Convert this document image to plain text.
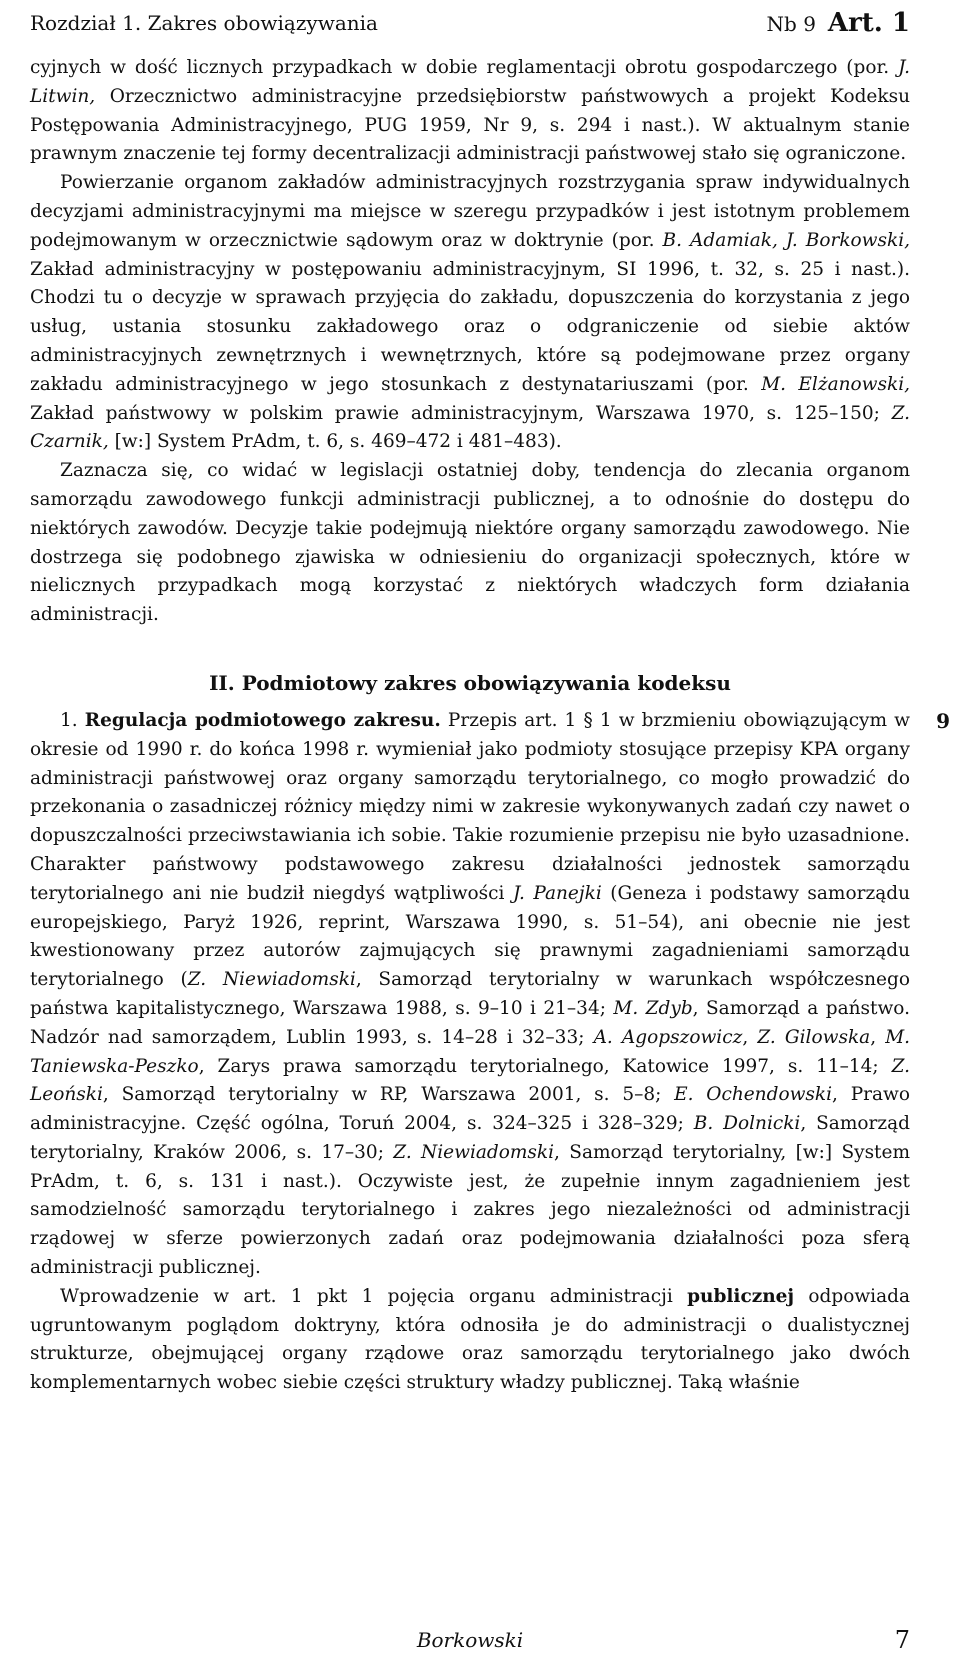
Rozdział 1. Zakres obowiązywania	Nb 9 Art. 1

cyjnych w dość licznych przypadkach w dobie reglamentacji obrotu gospodarczego (por. J. Litwin, Orzecznictwo administracyjne przedsiębiorstw państwowych a projekt Kodeksu Postępowania Administracyjnego, PUG 1959, Nr 9, s. 294 i nast.). W aktualnym stanie prawnym znaczenie tej formy decentralizacji administracji państwowej stało się ograniczone.

Powierzanie organom zakładów administracyjnych rozstrzygania spraw indywidualnych decyzjami administracyjnymi ma miejsce w szeregu przypadków i jest istotnym problemem podejmowanym w orzecznictwie sądowym oraz w doktrynie (por. B. Adamiak, J. Borkowski, Zakład administracyjny w postępowaniu administracyjnym, SI 1996, t. 32, s. 25 i nast.). Chodzi tu o decyzje w sprawach przyjęcia do zakładu, dopuszczenia do korzystania z jego usług, ustania stosunku zakładowego oraz o odgraniczenie od siebie aktów administracyjnych zewnętrznych i wewnętrznych, które są podejmowane przez organy zakładu administracyjnego w jego stosunkach z destynatariuszami (por. M. Elżanowski, Zakład państwowy w polskim prawie administracyjnym, Warszawa 1970, s. 125–150; Z. Czarnik, [w:] System PrAdm, t. 6, s. 469–472 i 481–483).

Zaznacza się, co widać w legislacji ostatniej doby, tendencja do zlecania organom samorządu zawodowego funkcji administracji publicznej, a to odnośnie do dostępu do niektórych zawodów. Decyzje takie podejmują niektóre organy samorządu zawodowego. Nie dostrzega się podobnego zjawiska w odniesieniu do organizacji społecznych, które w nielicznych przypadkach mogą korzystać z niektórych władczych form działania administracji.

II. Podmiotowy zakres obowiązywania kodeksu
9

1. Regulacja podmiotowego zakresu. Przepis art. 1 § 1 w brzmieniu obowiązującym w okresie od 1990 r. do końca 1998 r. wymieniał jako podmioty stosujące przepisy KPA organy administracji państwowej oraz organy samorządu terytorialnego, co mogło prowadzić do przekonania o zasadniczej różnicy między nimi w zakresie wykonywanych zadań czy nawet o dopuszczalności przeciwstawiania ich sobie. Takie rozumienie przepisu nie było uzasadnione. Charakter państwowy podstawowego zakresu działalności jednostek samorządu terytorialnego ani nie budził niegdyś wątpliwości J. Panejki (Geneza i podstawy samorządu europejskiego, Paryż 1926, reprint, Warszawa 1990, s. 51–54), ani obecnie nie jest kwestionowany przez autorów zajmujących się prawnymi zagadnieniami samorządu terytorialnego (Z. Niewiadomski, Samorząd terytorialny w warunkach współczesnego państwa kapitalistycznego, Warszawa 1988, s. 9–10 i 21–34; M. Zdyb, Samorząd a państwo. Nadzór nad samorządem, Lublin 1993, s. 14–28 i 32–33; A. Agopszowicz, Z. Gilowska, M. Taniewska-Peszko, Zarys prawa samorządu terytorialnego, Katowice 1997, s. 11–14; Z. Leoński, Samorząd terytorialny w RP, Warszawa 2001, s. 5–8; E. Ochendowski, Prawo administracyjne. Część ogólna, Toruń 2004, s. 324–325 i 328–329; B. Dolnicki, Samorząd terytorialny, Kraków 2006, s. 17–30; Z. Niewiadomski, Samorząd terytorialny, [w:] System PrAdm, t. 6, s. 131 i nast.). Oczywiste jest, że zupełnie innym zagadnieniem jest samodzielność samorządu terytorialnego i zakres jego niezależności od administracji rządowej w sferze powierzonych zadań oraz podejmowania działalności poza sferą administracji publicznej.

Wprowadzenie w art. 1 pkt 1 pojęcia organu administracji publicznej odpowiada ugruntowanym poglądom doktryny, która odnosiła je do administracji o dualistycznej strukturze, obejmującej organy rządowe oraz samorządu terytorialnego jako dwóch komplementarnych wobec siebie części struktury władzy publicznej. Taką właśnie

Borkowski	7
